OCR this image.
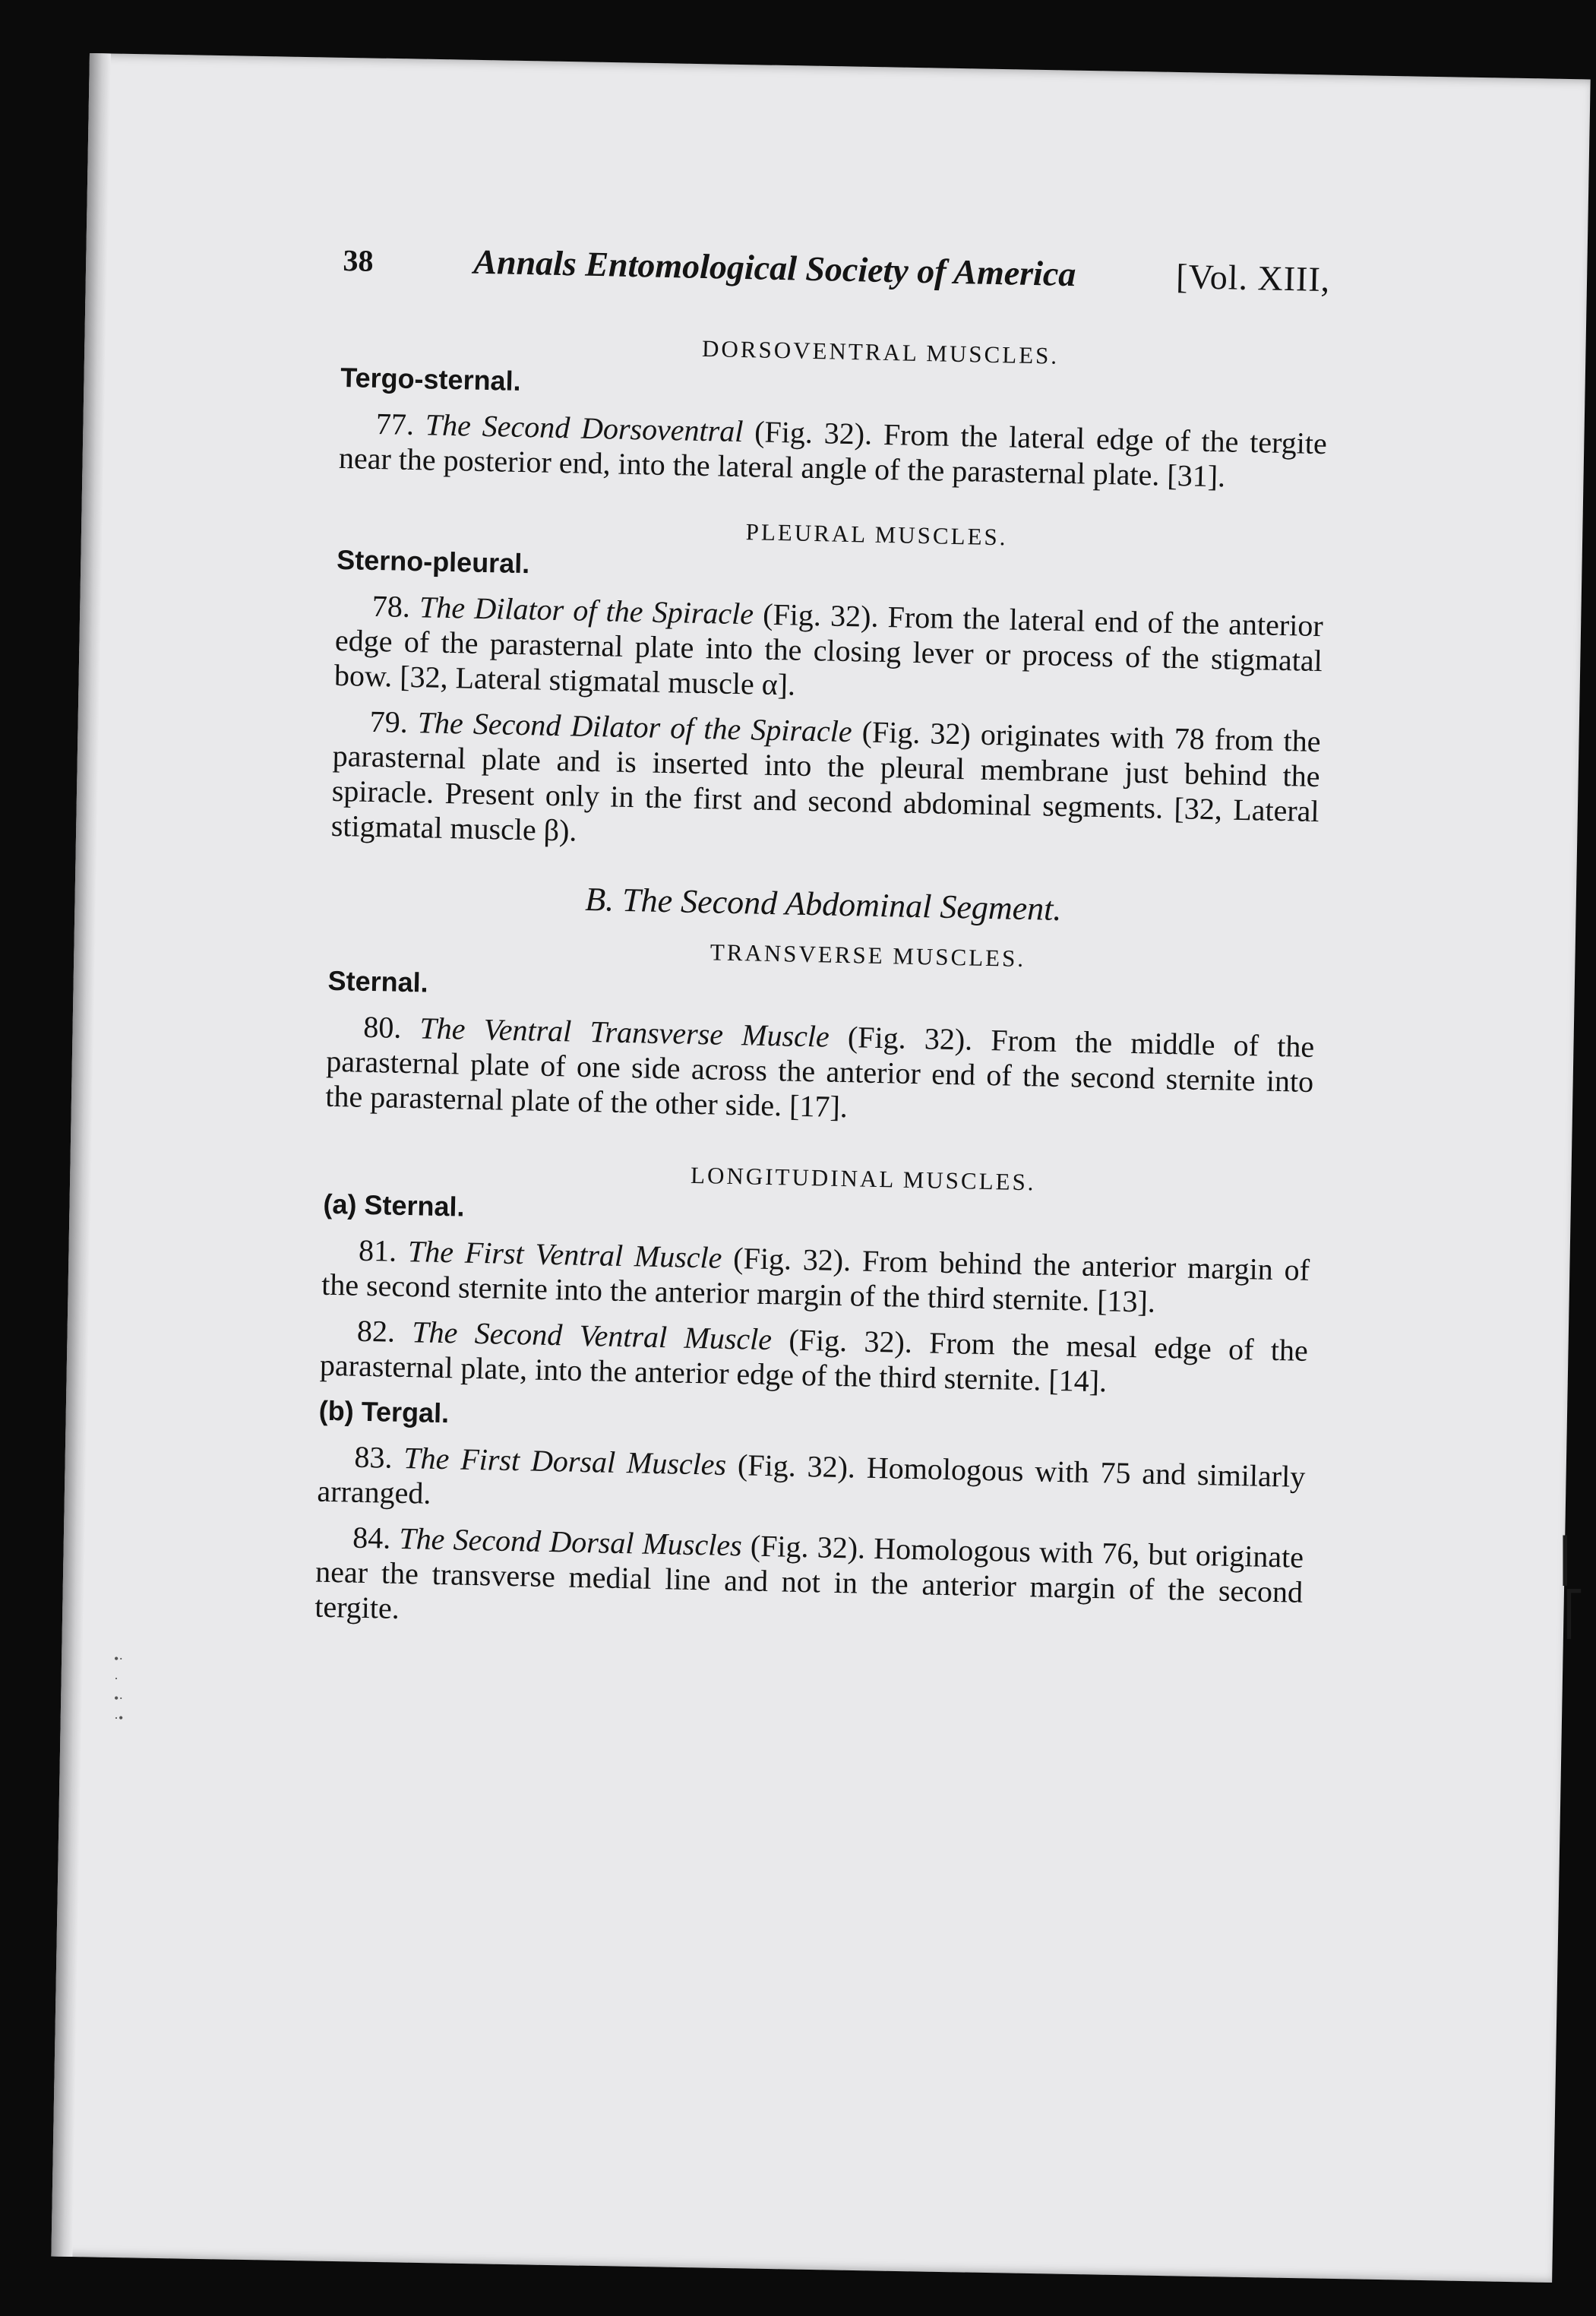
38	Annals Entomological Society of America	[Vol. XIII,

DORSOVENTRAL MUSCLES.

Tergo-sternal.

77. The Second Dorsoventral (Fig. 32). From the lateral edge of the tergite near the posterior end, into the lateral angle of the parasternal plate. [31].

PLEURAL MUSCLES.

Sterno-pleural.

78. The Dilator of the Spiracle (Fig. 32). From the lateral end of the anterior edge of the parasternal plate into the closing lever or process of the stigmatal bow. [32, Lateral stigmatal muscle α].

79. The Second Dilator of the Spiracle (Fig. 32) originates with 78 from the parasternal plate and is inserted into the pleural membrane just behind the spiracle. Present only in the first and second abdominal segments. [32, Lateral stigmatal muscle β).

B. The Second Abdominal Segment.

TRANSVERSE MUSCLES.

Sternal.

80. The Ventral Transverse Muscle (Fig. 32). From the middle of the parasternal plate of one side across the anterior end of the second sternite into the parasternal plate of the other side. [17].

LONGITUDINAL MUSCLES.

(a) Sternal.

81. The First Ventral Muscle (Fig. 32). From behind the anterior margin of the second sternite into the anterior margin of the third sternite. [13].

82. The Second Ventral Muscle (Fig. 32). From the mesal edge of the parasternal plate, into the anterior edge of the third sternite. [14].

(b) Tergal.

83. The First Dorsal Muscles (Fig. 32). Homologous with 75 and similarly arranged.

84. The Second Dorsal Muscles (Fig. 32). Homologous with 76, but originate near the transverse medial line and not in the anterior margin of the second tergite.

▏
⎡
•·
·
•·
·•
